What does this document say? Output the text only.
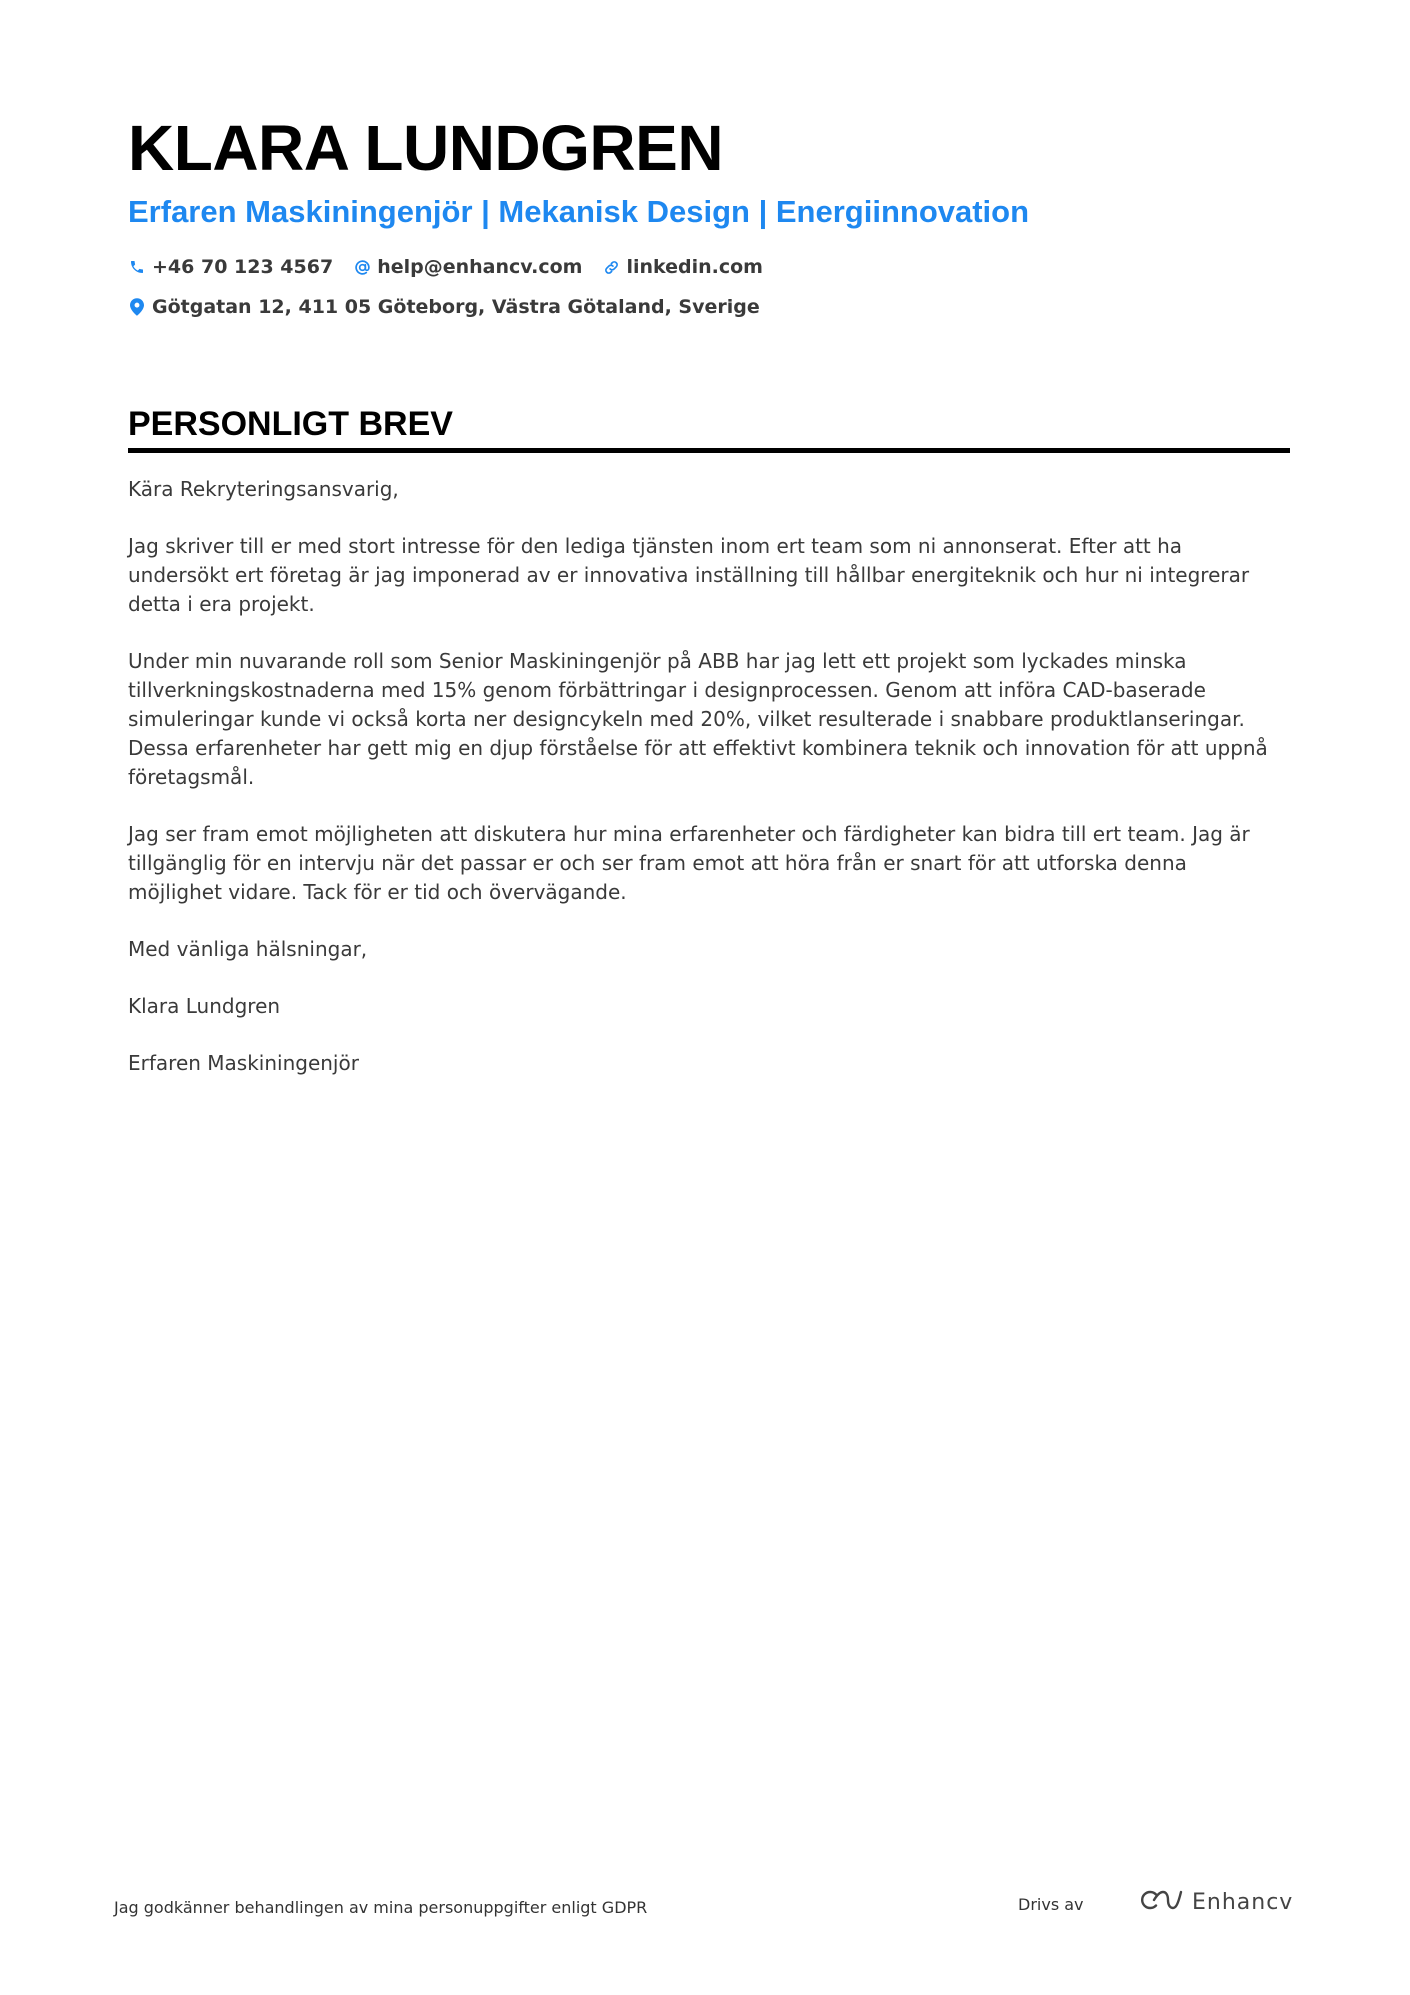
KLARA LUNDGREN
Erfaren Maskiningenjör | Mekanisk Design | Energiinnovation
+46 70 123 4567 help@enhancv.com linkedin.com
Götgatan 12, 411 05 Göteborg, Västra Götaland, Sverige
PERSONLIGT BREV

Kära Rekryteringsansvarig,

Jag skriver till er med stort intresse för den lediga tjänsten inom ert team som ni annonserat. Efter att ha undersökt ert företag är jag imponerad av er innovativa inställning till hållbar energiteknik och hur ni integrerar detta i era projekt.

Under min nuvarande roll som Senior Maskiningenjör på ABB har jag lett ett projekt som lyckades minska tillverkningskostnaderna med 15% genom förbättringar i designprocessen. Genom att införa CAD-baserade simuleringar kunde vi också korta ner designcykeln med 20%, vilket resulterade i snabbare produktlanseringar. Dessa erfarenheter har gett mig en djup förståelse för att effektivt kombinera teknik och innovation för att uppnå företagsmål.

Jag ser fram emot möjligheten att diskutera hur mina erfarenheter och färdigheter kan bidra till ert team. Jag är tillgänglig för en intervju när det passar er och ser fram emot att höra från er snart för att utforska denna möjlighet vidare. Tack för er tid och övervägande.

Med vänliga hälsningar,

Klara Lundgren

Erfaren Maskiningenjör

Jag godkänner behandlingen av mina personuppgifter enligt GDPR	Drivs av	Enhancv
